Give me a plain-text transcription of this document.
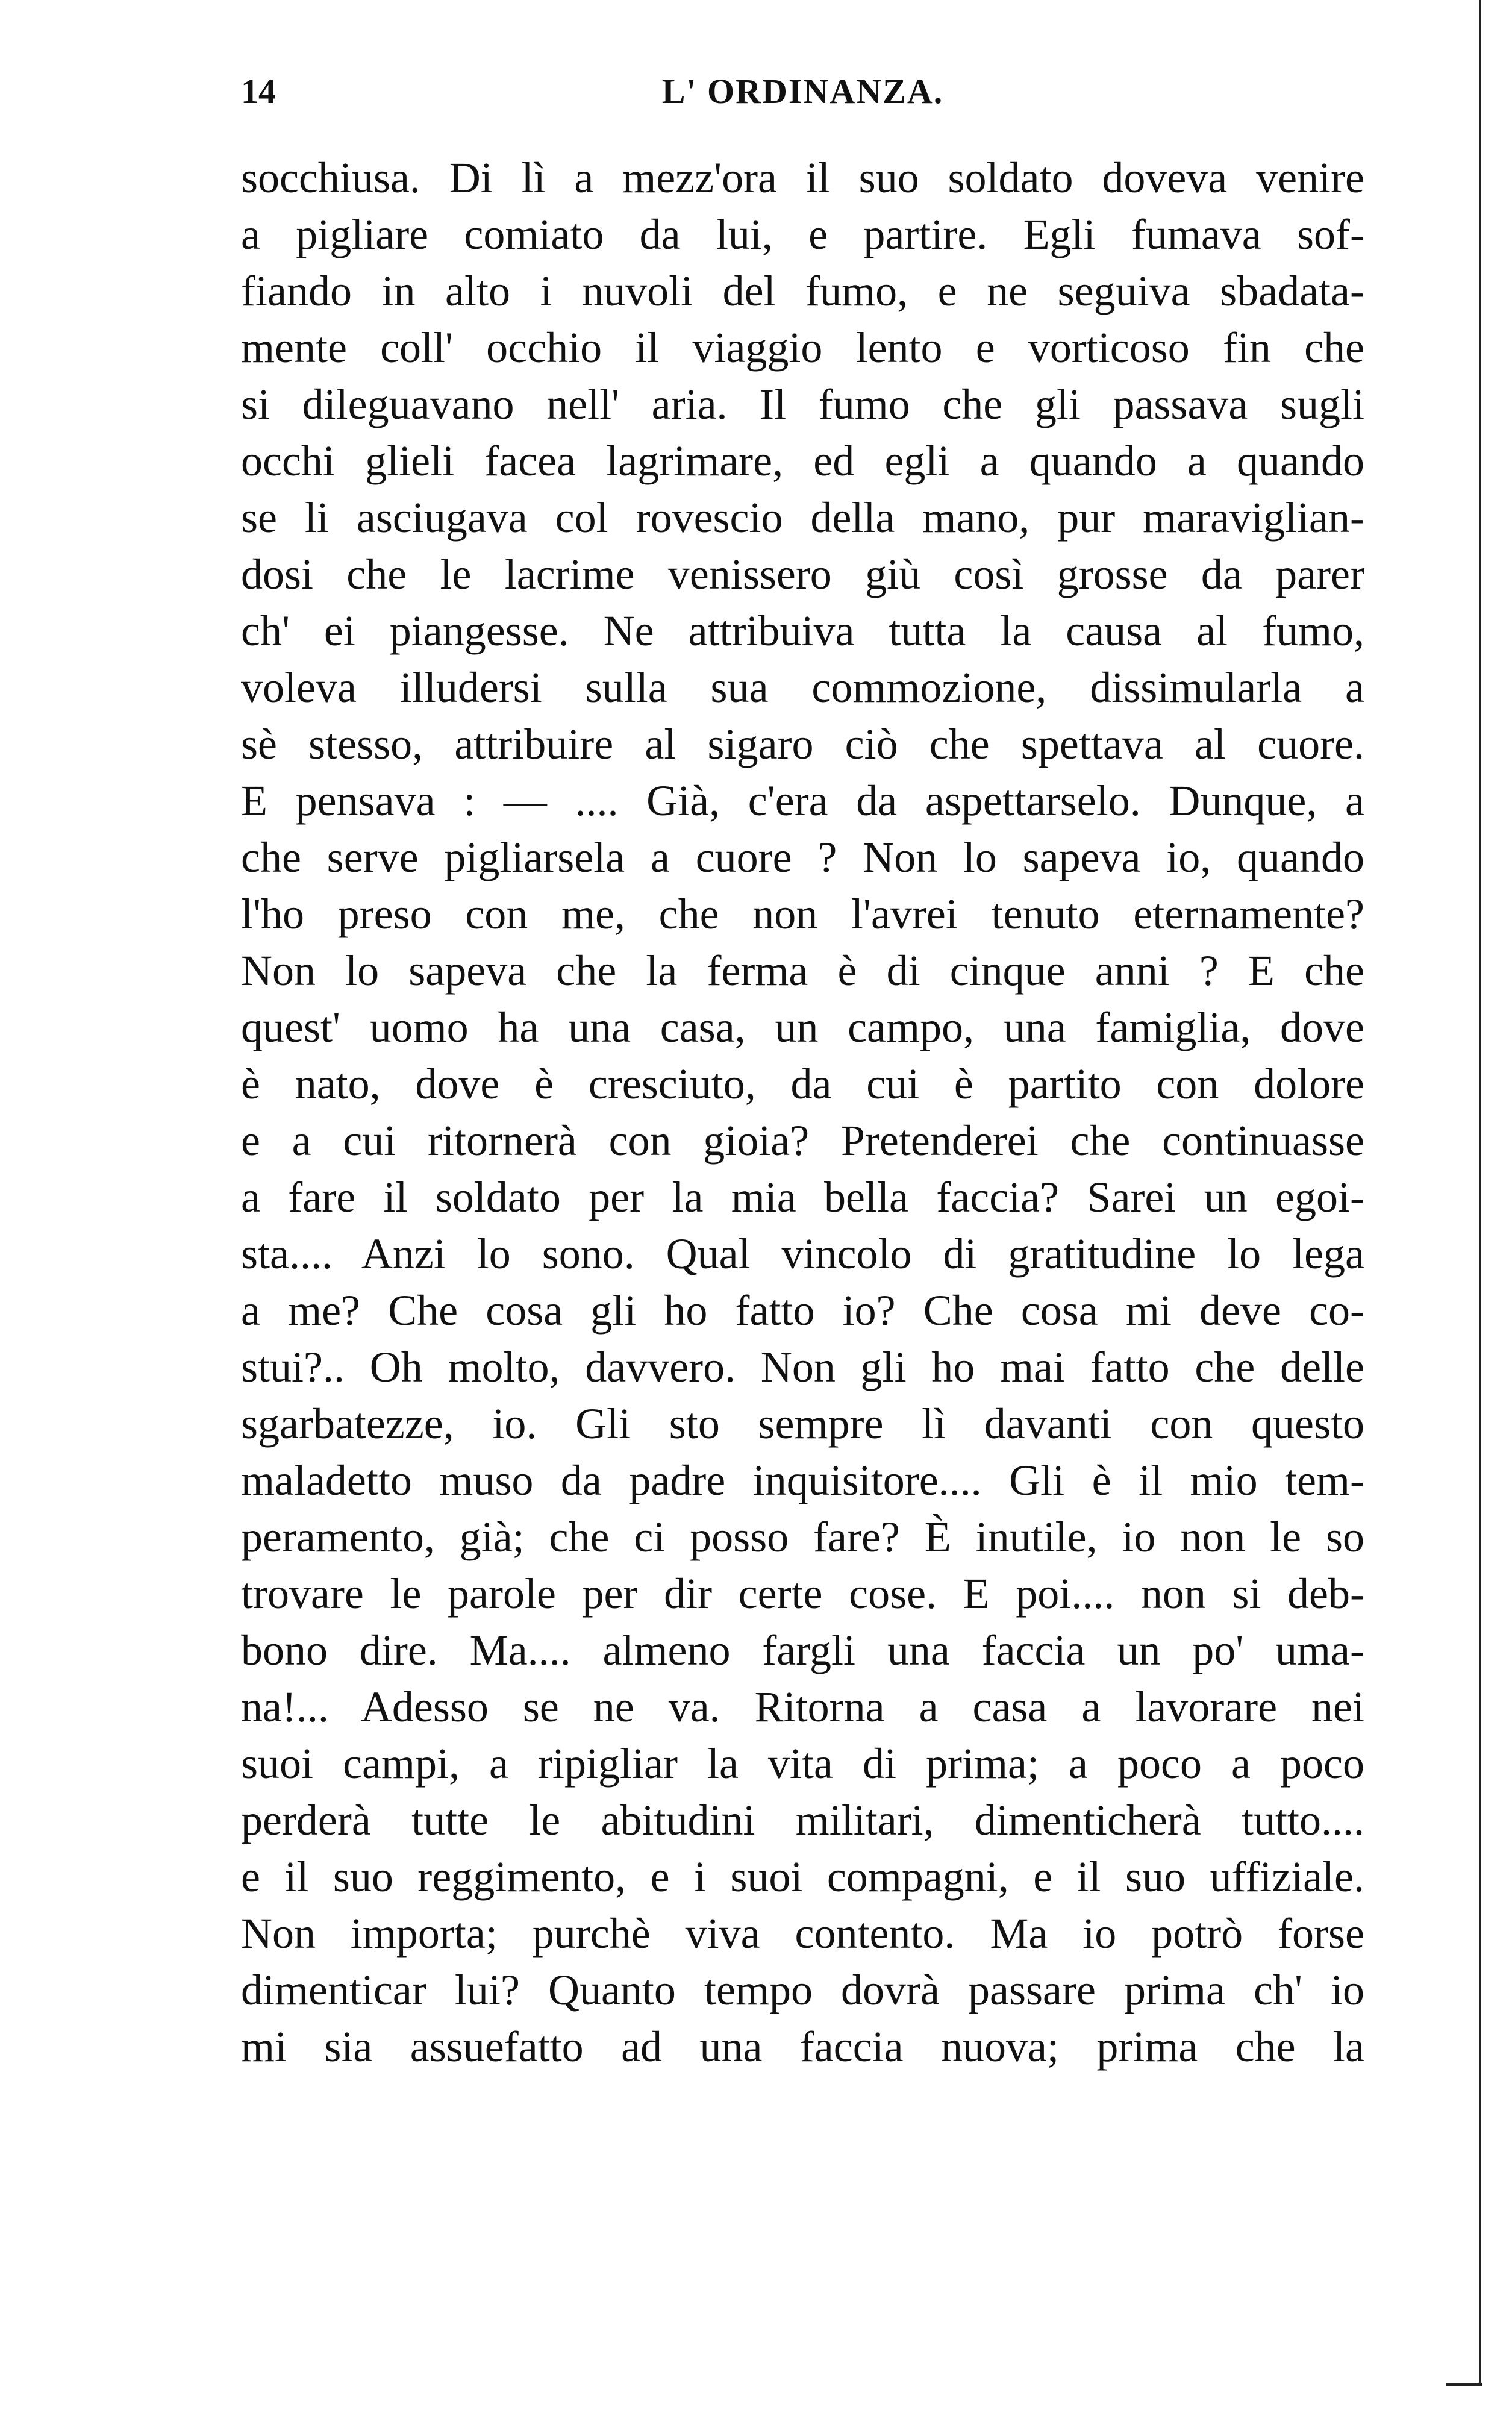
14	L' ORDINANZA.
socchiusa. Di lì a mezz'ora il suo soldato doveva venire
a pigliare comiato da lui, e partire. Egli fumava sof-
fiando in alto i nuvoli del fumo, e ne seguiva sbadata-
mente coll' occhio il viaggio lento e vorticoso fin che
si dileguavano nell' aria. Il fumo che gli passava sugli
occhi glieli facea lagrimare, ed egli a quando a quando
se li asciugava col rovescio della mano, pur maraviglian-
dosi che le lacrime venissero giù così grosse da parer
ch' ei piangesse. Ne attribuiva tutta la causa al fumo,
voleva illudersi sulla sua commozione, dissimularla a
sè stesso, attribuire al sigaro ciò che spettava al cuore.
E pensava : — .... Già, c'era da aspettarselo. Dunque, a
che serve pigliarsela a cuore ? Non lo sapeva io, quando
l'ho preso con me, che non l'avrei tenuto eternamente?
Non lo sapeva che la ferma è di cinque anni ? E che
quest' uomo ha una casa, un campo, una famiglia, dove
è nato, dove è cresciuto, da cui è partito con dolore
e a cui ritornerà con gioia? Pretenderei che continuasse
a fare il soldato per la mia bella faccia? Sarei un egoi-
sta.... Anzi lo sono. Qual vincolo di gratitudine lo lega
a me? Che cosa gli ho fatto io? Che cosa mi deve co-
stui?.. Oh molto, davvero. Non gli ho mai fatto che delle
sgarbatezze, io. Gli sto sempre lì davanti con questo
maladetto muso da padre inquisitore.... Gli è il mio tem-
peramento, già; che ci posso fare? È inutile, io non le so
trovare le parole per dir certe cose. E poi.... non si deb-
bono dire. Ma.... almeno fargli una faccia un po' uma-
na!... Adesso se ne va. Ritorna a casa a lavorare nei
suoi campi, a ripigliar la vita di prima; a poco a poco
perderà tutte le abitudini militari, dimenticherà tutto....
e il suo reggimento, e i suoi compagni, e il suo uffiziale.
Non importa; purchè viva contento. Ma io potrò forse
dimenticar lui? Quanto tempo dovrà passare prima ch' io
mi sia assuefatto ad una faccia nuova; prima che la
